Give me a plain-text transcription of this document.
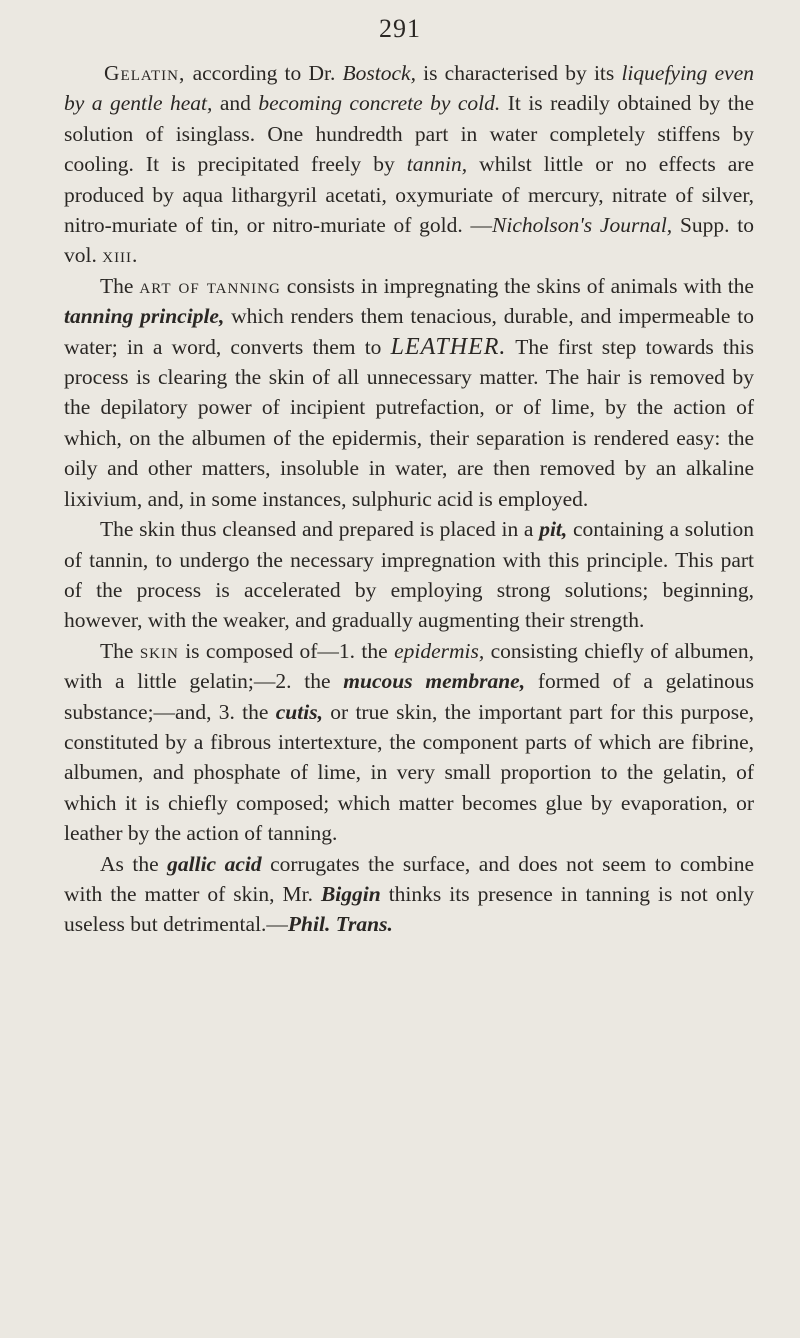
291

Gelatin, according to Dr. Bostock, is characterised by its liquefying even by a gentle heat, and becoming concrete by cold. It is readily obtained by the solution of isinglass. One hundredth part in water completely stiffens by cooling. It is precipitated freely by tannin, whilst little or no effects are produced by aqua lithargyril acetati, oxymuriate of mercury, nitrate of silver, nitro-muriate of tin, or nitro-muriate of gold. —Nicholson's Journal, Supp. to vol. xiii.

The art of tanning consists in impregnating the skins of animals with the tanning principle, which renders them tenacious, durable, and impermeable to water; in a word, converts them to LEATHER. The first step towards this process is clearing the skin of all unnecessary matter. The hair is removed by the depilatory power of incipient putrefaction, or of lime, by the action of which, on the albumen of the epidermis, their separation is rendered easy: the oily and other matters, insoluble in water, are then removed by an alkaline lixivium, and, in some instances, sulphuric acid is employed.

The skin thus cleansed and prepared is placed in a pit, containing a solution of tannin, to undergo the necessary impregnation with this principle. This part of the process is accelerated by employing strong solutions; beginning, however, with the weaker, and gradually augmenting their strength.

The skin is composed of—1. the epidermis, consisting chiefly of albumen, with a little gelatin;—2. the mucous membrane, formed of a gelatinous substance;—and, 3. the cutis, or true skin, the important part for this purpose, constituted by a fibrous intertexture, the component parts of which are fibrine, albumen, and phosphate of lime, in very small proportion to the gelatin, of which it is chiefly composed; which matter becomes glue by evaporation, or leather by the action of tanning.

As the gallic acid corrugates the surface, and does not seem to combine with the matter of skin, Mr. Biggin thinks its presence in tanning is not only useless but detrimental.—Phil. Trans.
